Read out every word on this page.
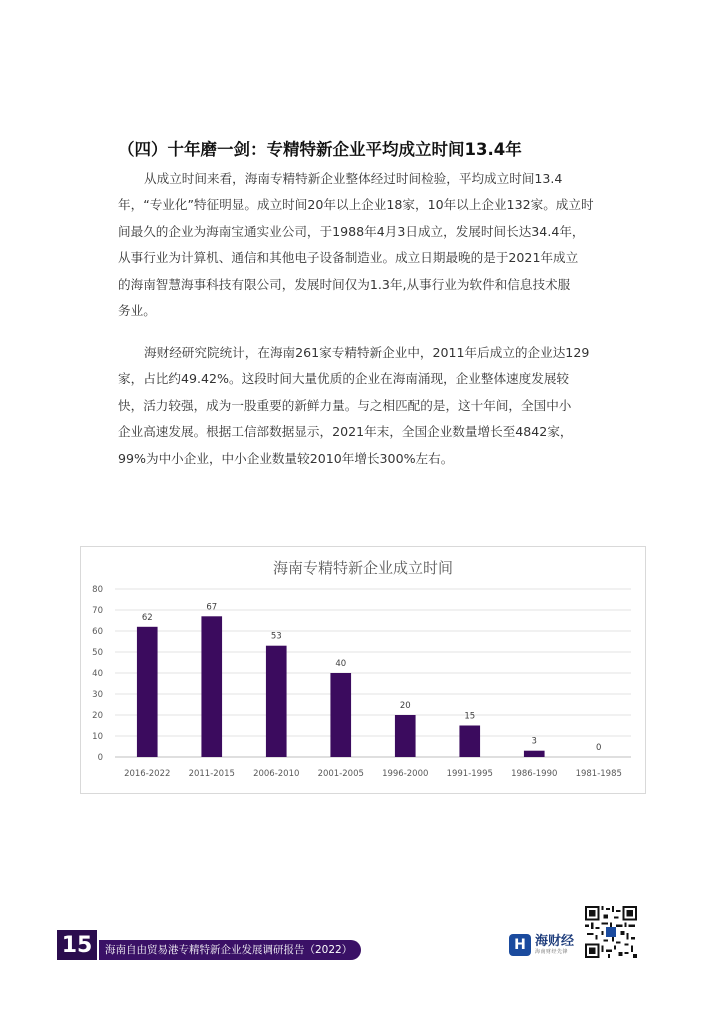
（四）十年磨一剑：专精特新企业平均成立时间13.4年
从成立时间来看，海南专精特新企业整体经过时间检验，平均成立时间13.4
年，“专业化”特征明显。成立时间20年以上企业18家，10年以上企业132家。成立时
间最久的企业为海南宝通实业公司，于1988年4月3日成立，发展时间长达34.4年，
从事行业为计算机、通信和其他电子设备制造业。成立日期最晚的是于2021年成立
的海南智慧海事科技有限公司，发展时间仅为1.3年,从事行业为软件和信息技术服
务业。
海财经研究院统计，在海南261家专精特新企业中，2011年后成立的企业达129
家，占比约49.42%。这段时间大量优质的企业在海南涌现，企业整体速度发展较
快，活力较强，成为一股重要的新鲜力量。与之相匹配的是，这十年间，全国中小
企业高速发展。根据工信部数据显示，2021年末，全国企业数量增长至4842家，
99%为中小企业，中小企业数量较2010年增长300%左右。
海南专精特新企业成立时间
0
10
20
30
40
50
60
70
80
62
67
53
40
20
15
3
0
2016-2022 2011-2015 2006-2010 2001-2005 1996-2000 1991-1995 1986-1990 1981-1985
15	海南自由贸易港专精特新企业发展调研报告（2022）	H 海财经
海南财经先锋
